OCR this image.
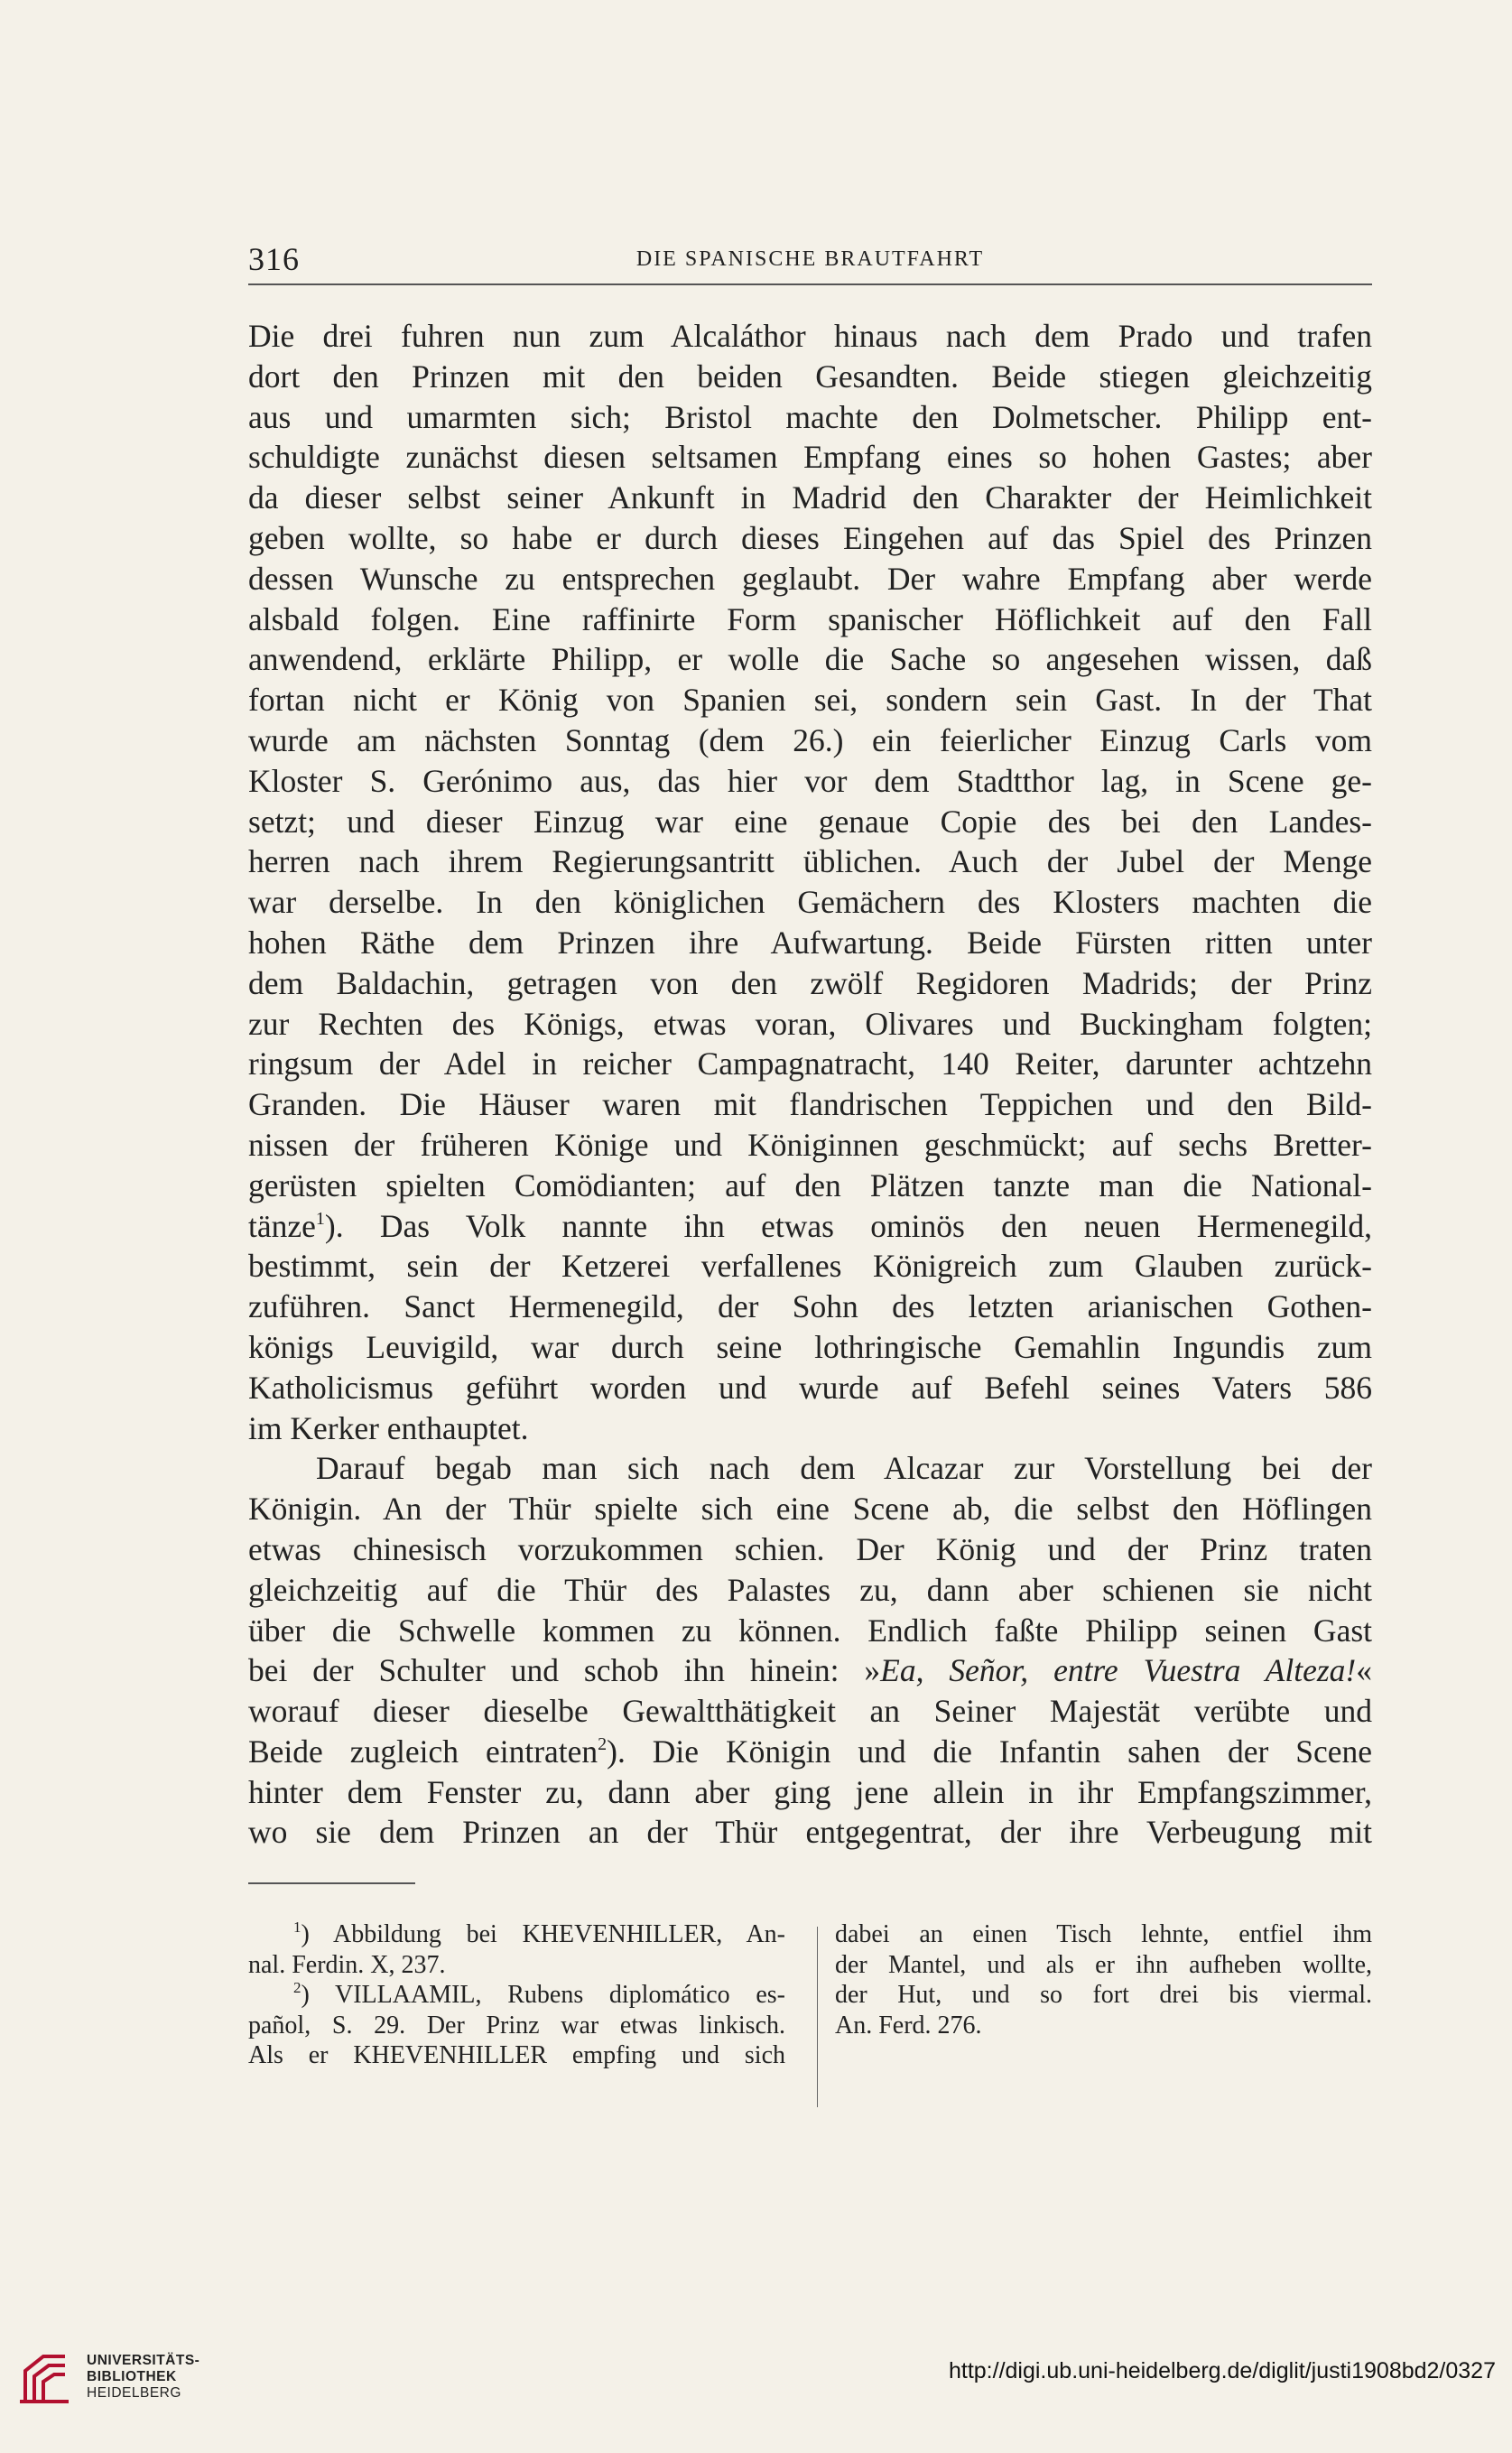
316	DIE SPANISCHE BRAUTFAHRT
Die drei fuhren nun zum Alcaláthor hinaus nach dem Prado und trafen
dort den Prinzen mit den beiden Gesandten. Beide stiegen gleichzeitig
aus und umarmten sich; Bristol machte den Dolmetscher. Philipp ent-
schuldigte zunächst diesen seltsamen Empfang eines so hohen Gastes; aber
da dieser selbst seiner Ankunft in Madrid den Charakter der Heimlichkeit
geben wollte, so habe er durch dieses Eingehen auf das Spiel des Prinzen
dessen Wunsche zu entsprechen geglaubt. Der wahre Empfang aber werde
alsbald folgen. Eine raffinirte Form spanischer Höflichkeit auf den Fall
anwendend, erklärte Philipp, er wolle die Sache so angesehen wissen, daß
fortan nicht er König von Spanien sei, sondern sein Gast. In der That
wurde am nächsten Sonntag (dem 26.) ein feierlicher Einzug Carls vom
Kloster S. Gerónimo aus, das hier vor dem Stadtthor lag, in Scene ge-
setzt; und dieser Einzug war eine genaue Copie des bei den Landes-
herren nach ihrem Regierungsantritt üblichen. Auch der Jubel der Menge
war derselbe. In den königlichen Gemächern des Klosters machten die
hohen Räthe dem Prinzen ihre Aufwartung. Beide Fürsten ritten unter
dem Baldachin, getragen von den zwölf Regidoren Madrids; der Prinz
zur Rechten des Königs, etwas voran, Olivares und Buckingham folgten;
ringsum der Adel in reicher Campagnatracht, 140 Reiter, darunter achtzehn
Granden. Die Häuser waren mit flandrischen Teppichen und den Bild-
nissen der früheren Könige und Königinnen geschmückt; auf sechs Bretter-
gerüsten spielten Comödianten; auf den Plätzen tanzte man die National-
tänze$^1$). Das Volk nannte ihn etwas ominös den neuen Hermenegild,
bestimmt, sein der Ketzerei verfallenes Königreich zum Glauben zurück-
zuführen. Sanct Hermenegild, der Sohn des letzten arianischen Gothen-
königs Leuvigild, war durch seine lothringische Gemahlin Ingundis zum
Katholicismus geführt worden und wurde auf Befehl seines Vaters 586
im Kerker enthauptet.
Darauf begab man sich nach dem Alcazar zur Vorstellung bei der
Königin. An der Thür spielte sich eine Scene ab, die selbst den Höflingen
etwas chinesisch vorzukommen schien. Der König und der Prinz traten
gleichzeitig auf die Thür des Palastes zu, dann aber schienen sie nicht
über die Schwelle kommen zu können. Endlich faßte Philipp seinen Gast
bei der Schulter und schob ihn hinein: »Ea, Señor, entre Vuestra Alteza!«
worauf dieser dieselbe Gewaltthätigkeit an Seiner Majestät verübte und
Beide zugleich eintraten$^2$). Die Königin und die Infantin sahen der Scene
hinter dem Fenster zu, dann aber ging jene allein in ihr Empfangszimmer,
wo sie dem Prinzen an der Thür entgegentrat, der ihre Verbeugung mit
$^1$) Abbildung bei KHEVENHILLER, An-
nal. Ferdin. X, 237.
$^2$) VILLAAMIL, Rubens diplomático es-
pañol, S. 29. Der Prinz war etwas linkisch.
Als er KHEVENHILLER empfing und sich
dabei an einen Tisch lehnte, entfiel ihm
der Mantel, und als er ihn aufheben wollte,
der Hut, und so fort drei bis viermal.
An. Ferd. 276.
UNIVERSITÄTS-
BIBLIOTHEK
HEIDELBERG
http://digi.ub.uni-heidelberg.de/diglit/justi1908bd2/0327
